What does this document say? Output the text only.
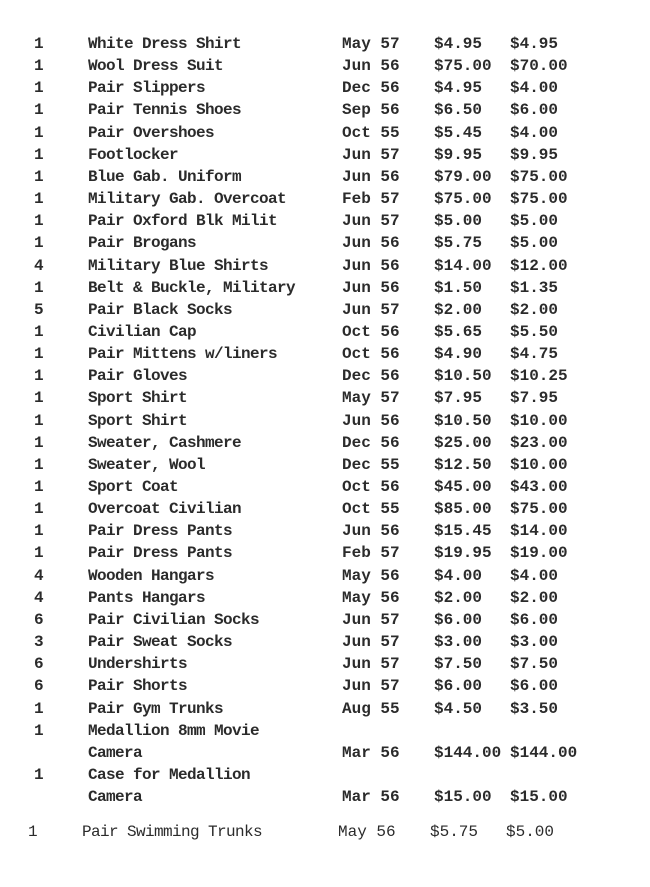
1	White Dress Shirt	May 57 $4.95 $4.95
1	Wool Dress Suit	Jun 56 $75.00 $70.00
1	Pair Slippers	Dec 56 $4.95 $4.00
1	Pair Tennis Shoes	Sep 56 $6.50 $6.00
1	Pair Overshoes	Oct 55 $5.45 $4.00
1	Footlocker	Jun 57 $9.95 $9.95
1	Blue Gab. Uniform	Jun 56 $79.00 $75.00
1	Military Gab. Overcoat	Feb 57 $75.00 $75.00
1	Pair Oxford Blk Milit	Jun 57 $5.00 $5.00
1	Pair Brogans	Jun 56 $5.75 $5.00
4	Military Blue Shirts	Jun 56 $14.00 $12.00
1	Belt & Buckle, Military	Jun 56 $1.50 $1.35
5	Pair Black Socks	Jun 57 $2.00 $2.00
1	Civilian Cap	Oct 56 $5.65 $5.50
1	Pair Mittens w/liners	Oct 56 $4.90 $4.75
1	Pair Gloves	Dec 56 $10.50 $10.25
1	Sport Shirt	May 57 $7.95 $7.95
1	Sport Shirt	Jun 56 $10.50 $10.00
1	Sweater, Cashmere	Dec 56 $25.00 $23.00
1	Sweater, Wool	Dec 55 $12.50 $10.00
1	Sport Coat	Oct 56 $45.00 $43.00
1	Overcoat Civilian	Oct 55 $85.00 $75.00
1	Pair Dress Pants	Jun 56 $15.45 $14.00
1	Pair Dress Pants	Feb 57 $19.95 $19.00
4	Wooden Hangars	May 56 $4.00 $4.00
4	Pants Hangars	May 56 $2.00 $2.00
6	Pair Civilian Socks	Jun 57 $6.00 $6.00
3	Pair Sweat Socks	Jun 57 $3.00 $3.00
6	Undershirts	Jun 57 $7.50 $7.50
6	Pair Shorts	Jun 57 $6.00 $6.00
1	Pair Gym Trunks	Aug 55 $4.50 $3.50
1	Medallion 8mm Movie
Camera	Mar 56 $144.00 $144.00
1	Case for Medallion
Camera	Mar 56 $15.00 $15.00
1	Pair Swimming Trunks	May 56 $5.75 $5.00
